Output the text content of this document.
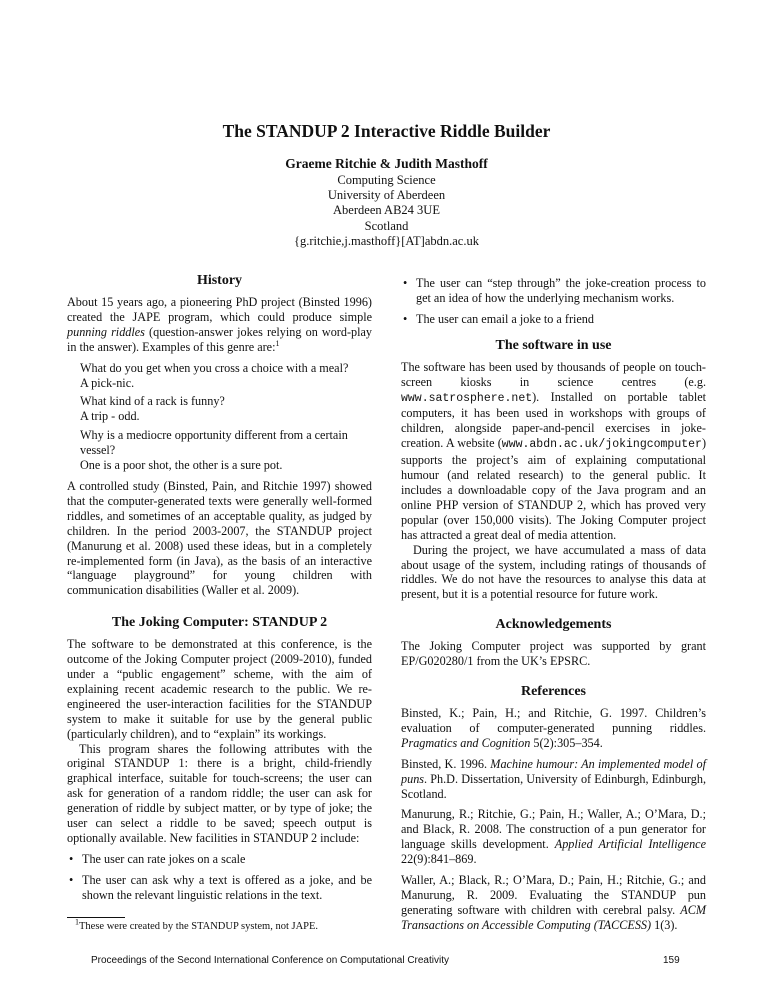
The STANDUP 2 Interactive Riddle Builder
Graeme Ritchie & Judith Masthoff
Computing Science
University of Aberdeen
Aberdeen AB24 3UE
Scotland
{g.ritchie,j.masthoff}[AT]abdn.ac.uk
History

About 15 years ago, a pioneering PhD project (Binsted 1996) created the JAPE program, which could produce simple punning riddles (question-answer jokes relying on word-play in the answer). Examples of this genre are:$^1$

What do you get when you cross a choice with a meal?
A pick-nic.
What kind of a rack is funny?
A trip - odd.
Why is a mediocre opportunity different from a certain vessel?
One is a poor shot, the other is a sure pot.

A controlled study (Binsted, Pain, and Ritchie 1997) showed that the computer-generated texts were generally well-formed riddles, and sometimes of an acceptable quality, as judged by children. In the period 2003-2007, the STANDUP project (Manurung et al. 2008) used these ideas, but in a completely re-implemented form (in Java), as the basis of an interactive “language playground” for young children with communication disabilities (Waller et al. 2009).

The Joking Computer: STANDUP 2

The software to be demonstrated at this conference, is the outcome of the Joking Computer project (2009-2010), funded under a “public engagement” scheme, with the aim of explaining recent academic research to the public. We re-engineered the user-interaction facilities for the STANDUP system to make it suitable for use by the general public (particularly children), and to “explain” its workings.

This program shares the following attributes with the original STANDUP 1: there is a bright, child-friendly graphical interface, suitable for touch-screens; the user can ask for generation of a random riddle; the user can ask for generation of riddle by subject matter, or by type of joke; the user can select a riddle to be saved; speech output is optionally available. New facilities in STANDUP 2 include:

• The user can rate jokes on a scale
• The user can ask why a text is offered as a joke, and be shown the relevant linguistic relations in the text.
$^1$These were created by the STANDUP system, not JAPE.
• The user can “step through” the joke-creation process to get an idea of how the underlying mechanism works.
• The user can email a joke to a friend
The software in use

The software has been used by thousands of people on touch-screen kiosks in science centres (e.g. www.satrosphere.net). Installed on portable tablet computers, it has been used in workshops with groups of children, alongside paper-and-pencil exercises in joke-creation. A website (www.abdn.ac.uk/jokingcomputer) supports the project’s aim of explaining computational humour (and related research) to the general public. It includes a downloadable copy of the Java program and an online PHP version of STANDUP 2, which has proved very popular (over 150,000 visits). The Joking Computer project has attracted a great deal of media attention.

During the project, we have accumulated a mass of data about usage of the system, including ratings of thousands of riddles. We do not have the resources to analyse this data at present, but it is a potential resource for future work.

Acknowledgements

The Joking Computer project was supported by grant EP/G020280/1 from the UK’s EPSRC.

References
Binsted, K.; Pain, H.; and Ritchie, G. 1997. Children’s evaluation of computer-generated punning riddles. Pragmatics and Cognition 5(2):305–354.
Binsted, K. 1996. Machine humour: An implemented model of puns. Ph.D. Dissertation, University of Edinburgh, Edinburgh, Scotland.
Manurung, R.; Ritchie, G.; Pain, H.; Waller, A.; O’Mara, D.; and Black, R. 2008. The construction of a pun generator for language skills development. Applied Artificial Intelligence 22(9):841–869.
Waller, A.; Black, R.; O’Mara, D.; Pain, H.; Ritchie, G.; and Manurung, R. 2009. Evaluating the STANDUP pun generating software with children with cerebral palsy. ACM Transactions on Accessible Computing (TACCESS) 1(3).
Proceedings of the Second International Conference on Computational Creativity	159
